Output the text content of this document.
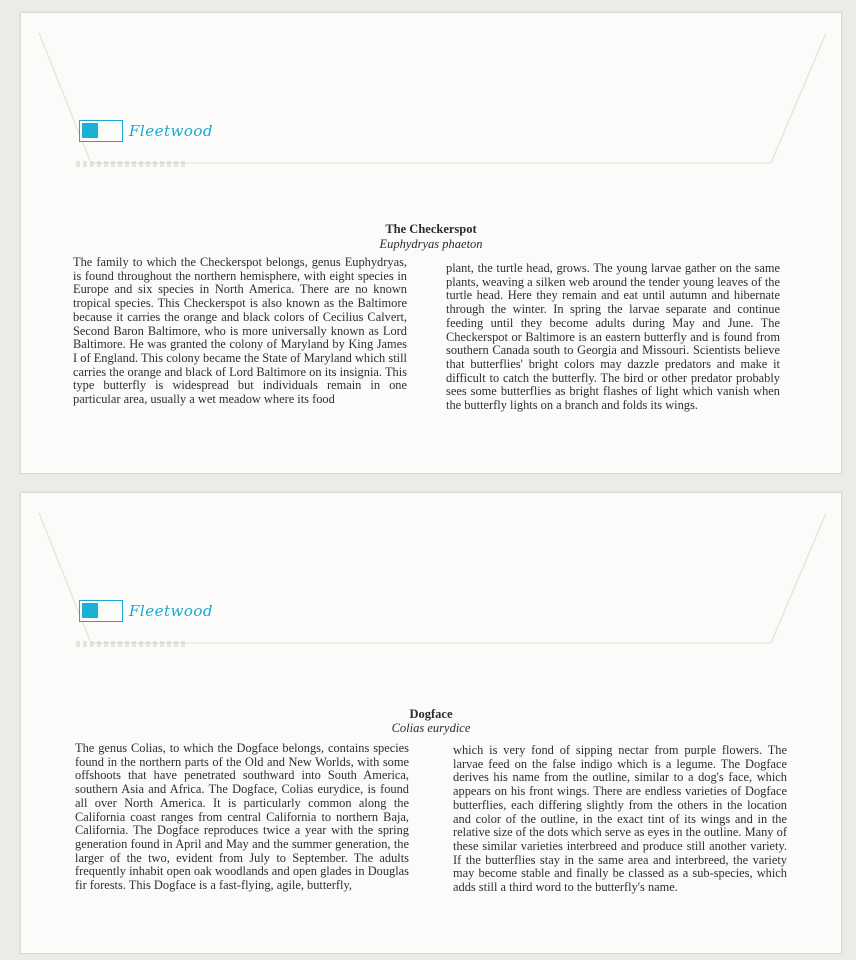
Fleetwood
The Checkerspot
Euphydryas phaeton

The family to which the Checkerspot belongs, genus Euphydryas, is found throughout the northern hemisphere, with eight species in Europe and six species in North America. There are no known tropical species. This Checkerspot is also known as the Baltimore because it carries the orange and black colors of Cecilius Calvert, Second Baron Baltimore, who is more universally known as Lord Baltimore. He was granted the colony of Maryland by King James I of England. This colony became the State of Maryland which still carries the orange and black of Lord Baltimore on its insignia. This type butterfly is widespread but individuals remain in one particular area, usually a wet meadow where its food

plant, the turtle head, grows. The young larvae gather on the same plants, weaving a silken web around the tender young leaves of the turtle head. Here they remain and eat until autumn and hibernate through the winter. In spring the larvae separate and continue feeding until they become adults during May and June. The Checkerspot or Baltimore is an eastern butterfly and is found from southern Canada south to Georgia and Missouri. Scientists believe that butterflies' bright colors may dazzle predators and make it difficult to catch the butterfly. The bird or other predator probably sees some butterflies as bright flashes of light which vanish when the butterfly lights on a branch and folds its wings.

Fleetwood
Dogface
Colias eurydice

The genus Colias, to which the Dogface belongs, contains species found in the northern parts of the Old and New Worlds, with some offshoots that have penetrated southward into South America, southern Asia and Africa. The Dogface, Colias eurydice, is found all over North America. It is particularly common along the California coast ranges from central California to northern Baja, California. The Dogface reproduces twice a year with the spring generation found in April and May and the summer generation, the larger of the two, evident from July to September. The adults frequently inhabit open oak woodlands and open glades in Douglas fir forests. This Dogface is a fast-flying, agile, butterfly,

which is very fond of sipping nectar from purple flowers. The larvae feed on the false indigo which is a legume. The Dogface derives his name from the outline, similar to a dog's face, which appears on his front wings. There are endless varieties of Dogface butterflies, each differing slightly from the others in the location and color of the outline, in the exact tint of its wings and in the relative size of the dots which serve as eyes in the outline. Many of these similar varieties interbreed and produce still another variety. If the butterflies stay in the same area and interbreed, the variety may become stable and finally be classed as a sub-species, which adds still a third word to the butterfly's name.
